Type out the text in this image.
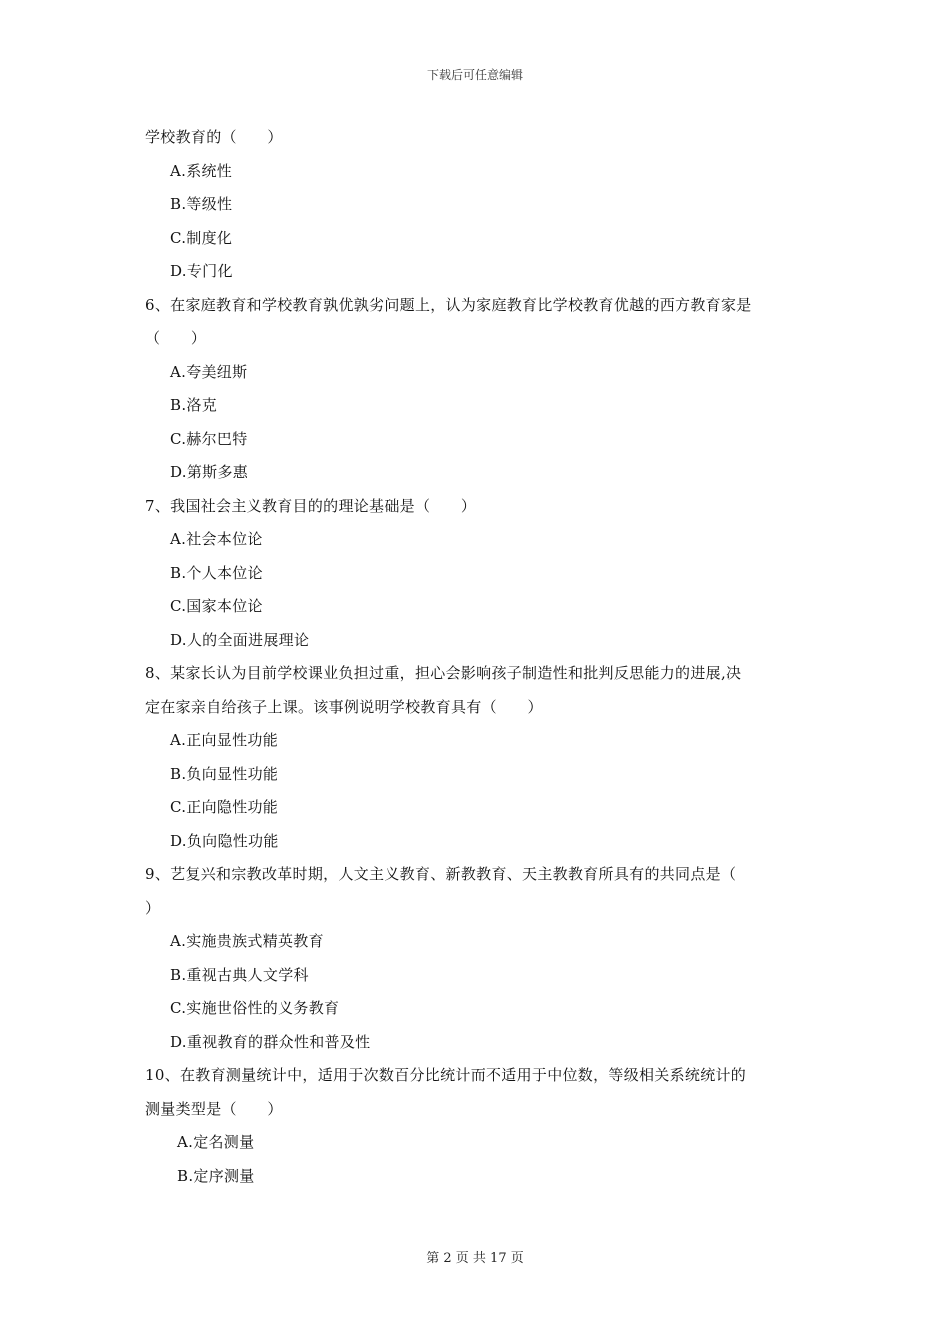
下载后可任意编辑
学校教育的（　　）
A.系统性
B.等级性
C.制度化
D.专门化
6、在家庭教育和学校教育孰优孰劣问题上，认为家庭教育比学校教育优越的西方教育家是
（　　）
A.夸美纽斯
B.洛克
C.赫尔巴特
D.第斯多惠
7、我国社会主义教育目的的理论基础是（　　）
A.社会本位论
B.个人本位论
C.国家本位论
D.人的全面进展理论
8、某家长认为目前学校课业负担过重，担心会影响孩子制造性和批判反思能力的进展,决
定在家亲自给孩子上课。该事例说明学校教育具有（　　）
A.正向显性功能
B.负向显性功能
C.正向隐性功能
D.负向隐性功能
9、艺复兴和宗教改革时期，人文主义教育、新教教育、天主教教育所具有的共同点是（
）
A.实施贵族式精英教育
B.重视古典人文学科
C.实施世俗性的义务教育
D.重视教育的群众性和普及性
10、在教育测量统计中，适用于次数百分比统计而不适用于中位数，等级相关系统统计的
测量类型是（　　）
A.定名测量
B.定序测量
第 2 页 共 17 页
